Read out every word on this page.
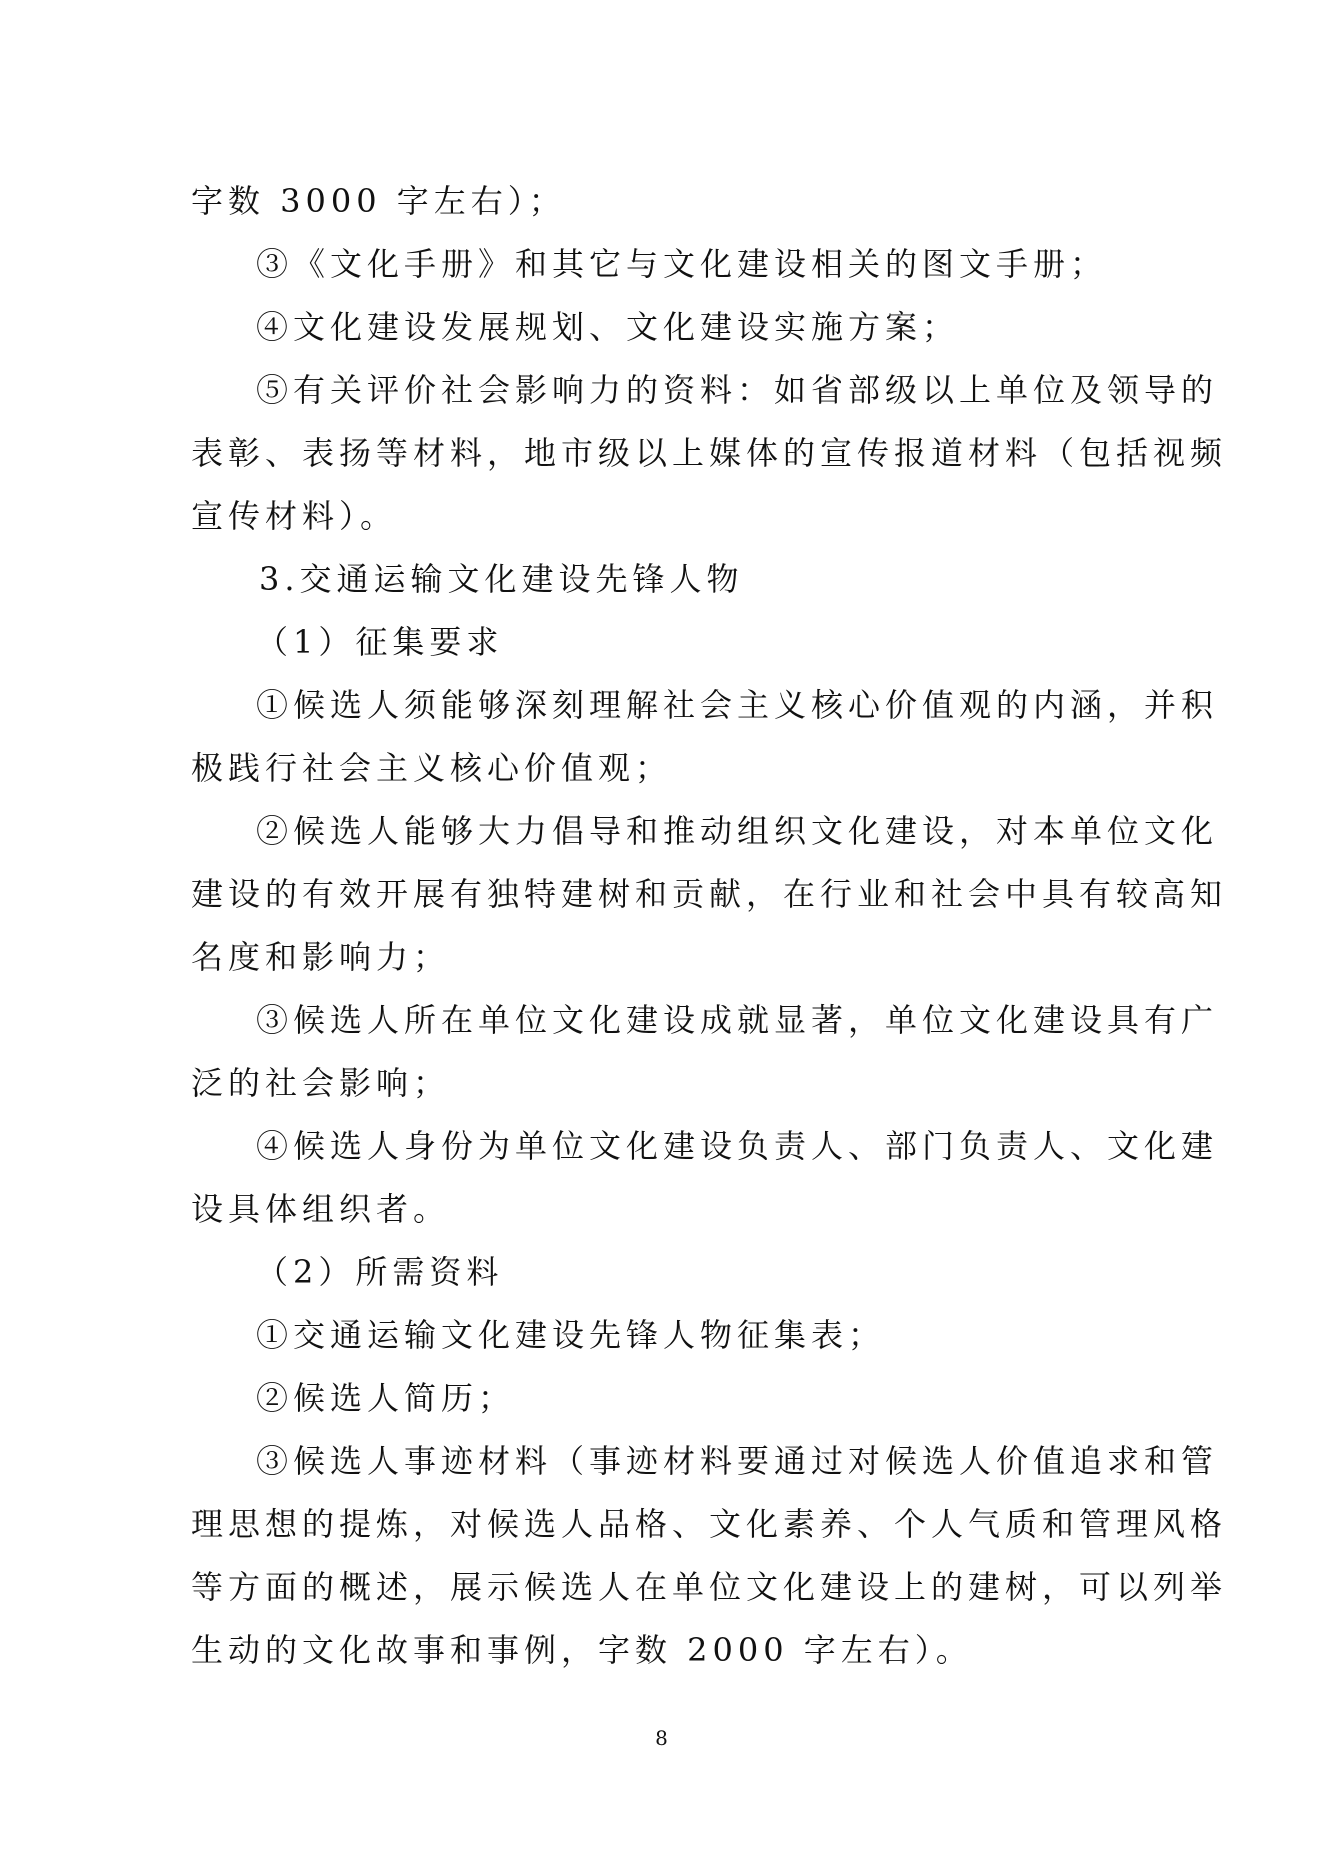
字数 3000 字左右）；
③《文化手册》和其它与文化建设相关的图文手册；
④文化建设发展规划、文化建设实施方案；
⑤有关评价社会影响力的资料：如省部级以上单位及领导的
表彰、表扬等材料，地市级以上媒体的宣传报道材料（包括视频
宣传材料）。
3.交通运输文化建设先锋人物
（1）征集要求
①候选人须能够深刻理解社会主义核心价值观的内涵，并积
极践行社会主义核心价值观；
②候选人能够大力倡导和推动组织文化建设，对本单位文化
建设的有效开展有独特建树和贡献，在行业和社会中具有较高知
名度和影响力；
③候选人所在单位文化建设成就显著，单位文化建设具有广
泛的社会影响；
④候选人身份为单位文化建设负责人、部门负责人、文化建
设具体组织者。
（2）所需资料
①交通运输文化建设先锋人物征集表；
②候选人简历；
③候选人事迹材料（事迹材料要通过对候选人价值追求和管
理思想的提炼，对候选人品格、文化素养、个人气质和管理风格
等方面的概述，展示候选人在单位文化建设上的建树，可以列举
生动的文化故事和事例，字数 2000 字左右）。
8
